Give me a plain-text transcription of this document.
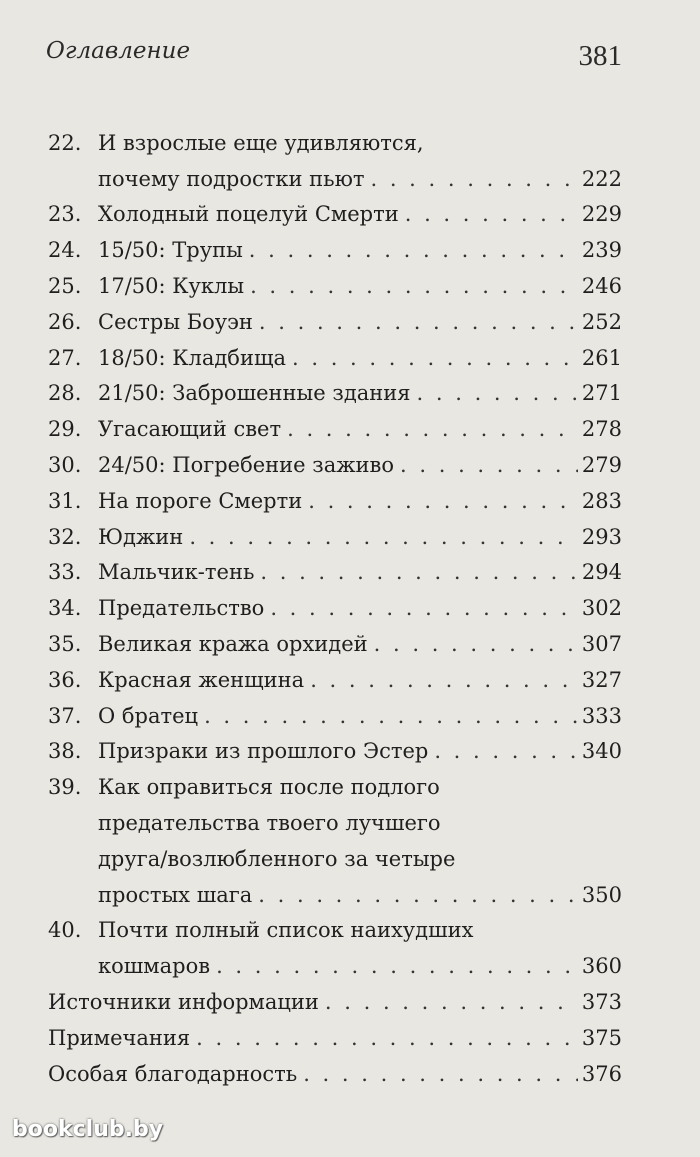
Оглавление	381
22. И взрослые еще удивляются,
почему подростки пьют . . .	222
23. Холодный поцелуй Смерти . . .	229
24. 15/50: Трупы . . .	239
25. 17/50: Куклы . . .	246
26. Сестры Боуэн . . .	252
27. 18/50: Кладбища . . .	261
28. 21/50: Заброшенные здания . . .	271
29. Угасающий свет . . .	278
30. 24/50: Погребение заживо . . .	279
31. На пороге Смерти . . .	283
32. Юджин . . .	293
33. Мальчик-тень . . .	294
34. Предательство . . .	302
35. Великая кража орхидей . . .	307
36. Красная женщина . . .	327
37. О братец . . .	333
38. Призраки из прошлого Эстер . . .	340
39. Как оправиться после подлого
предательства твоего лучшего
друга/возлюбленного за четыре
простых шага . . .	350
40. Почти полный список наихудших
кошмаров . . .	360
Источники информации . . .	373
Примечания . . .	375
Особая благодарность . . .	376
bookclub.by
